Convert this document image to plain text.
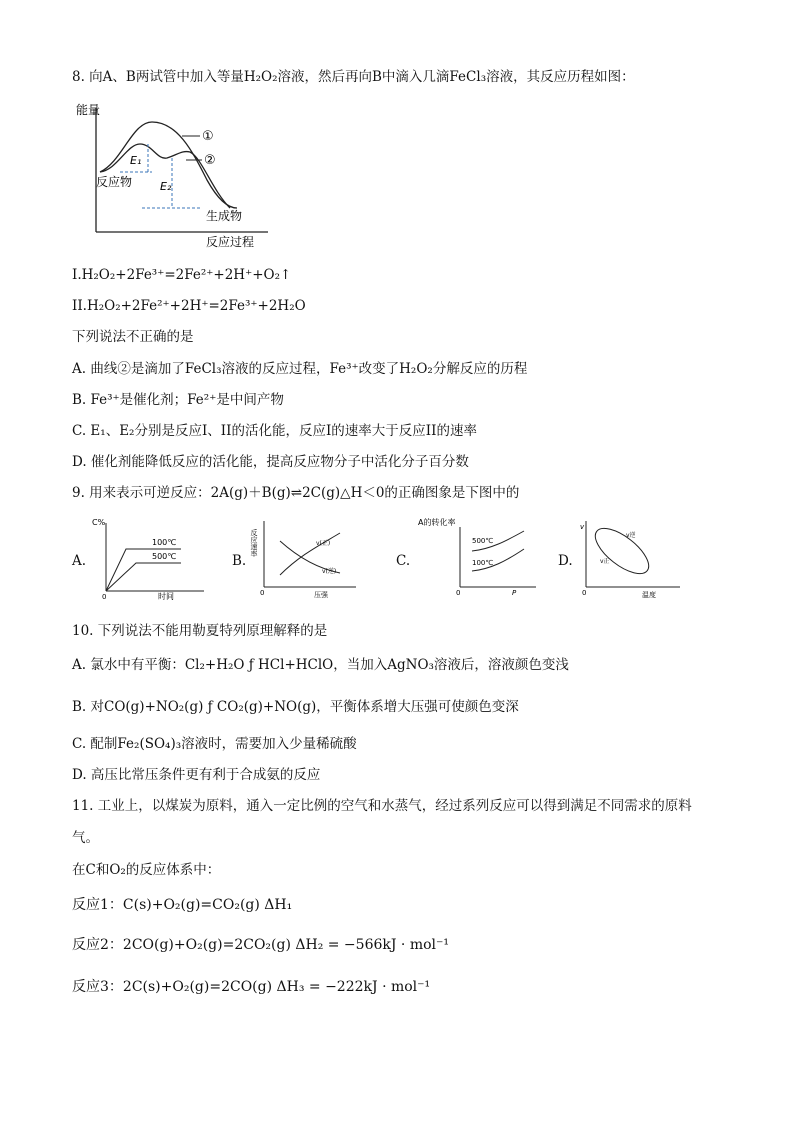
8. 向A、B两试管中加入等量H₂O₂溶液，然后再向B中滴入几滴FeCl₃溶液，其反应历程如图：
能量
①
②
E₁
E₂
反应物
生成物
反应过程
I.H₂O₂+2Fe³⁺=2Fe²⁺+2H⁺+O₂↑
II.H₂O₂+2Fe²⁺+2H⁺=2Fe³⁺+2H₂O
下列说法不正确的是
A. 曲线②是滴加了FeCl₃溶液的反应过程，Fe³⁺改变了H₂O₂分解反应的历程
B. Fe³⁺是催化剂；Fe²⁺是中间产物
C. E₁、E₂分别是反应I、II的活化能，反应I的速率大于反应II的速率
D. 催化剂能降低反应的活化能，提高反应物分子中活化分子百分数
9. 用来表示可逆反应：2A(g)＋B(g)⇌2C(g)△H＜0的正确图象是下图中的
A.
C%
100℃
500℃
0	时间
B.
反应速率	v(正)
v(逆)
0	压强
C.
A的转化率
500℃
100℃
0	P
D.
v
v逆
v正
0	温度
10. 下列说法不能用勒夏特列原理解释的是
A. 氯水中有平衡：Cl₂+H₂O ƒ HCl+HClO，当加入AgNO₃溶液后，溶液颜色变浅
B. 对CO(g)+NO₂(g) ƒ CO₂(g)+NO(g)，平衡体系增大压强可使颜色变深
C. 配制Fe₂(SO₄)₃溶液时，需要加入少量稀硫酸
D. 高压比常压条件更有利于合成氨的反应
11. 工业上，以煤炭为原料，通入一定比例的空气和水蒸气，经过系列反应可以得到满足不同需求的原料
气。
在C和O₂的反应体系中：
反应1：C(s)+O₂(g)=CO₂(g) ΔH₁
反应2：2CO(g)+O₂(g)=2CO₂(g) ΔH₂ = −566kJ · mol⁻¹
反应3：2C(s)+O₂(g)=2CO(g) ΔH₃ = −222kJ · mol⁻¹
